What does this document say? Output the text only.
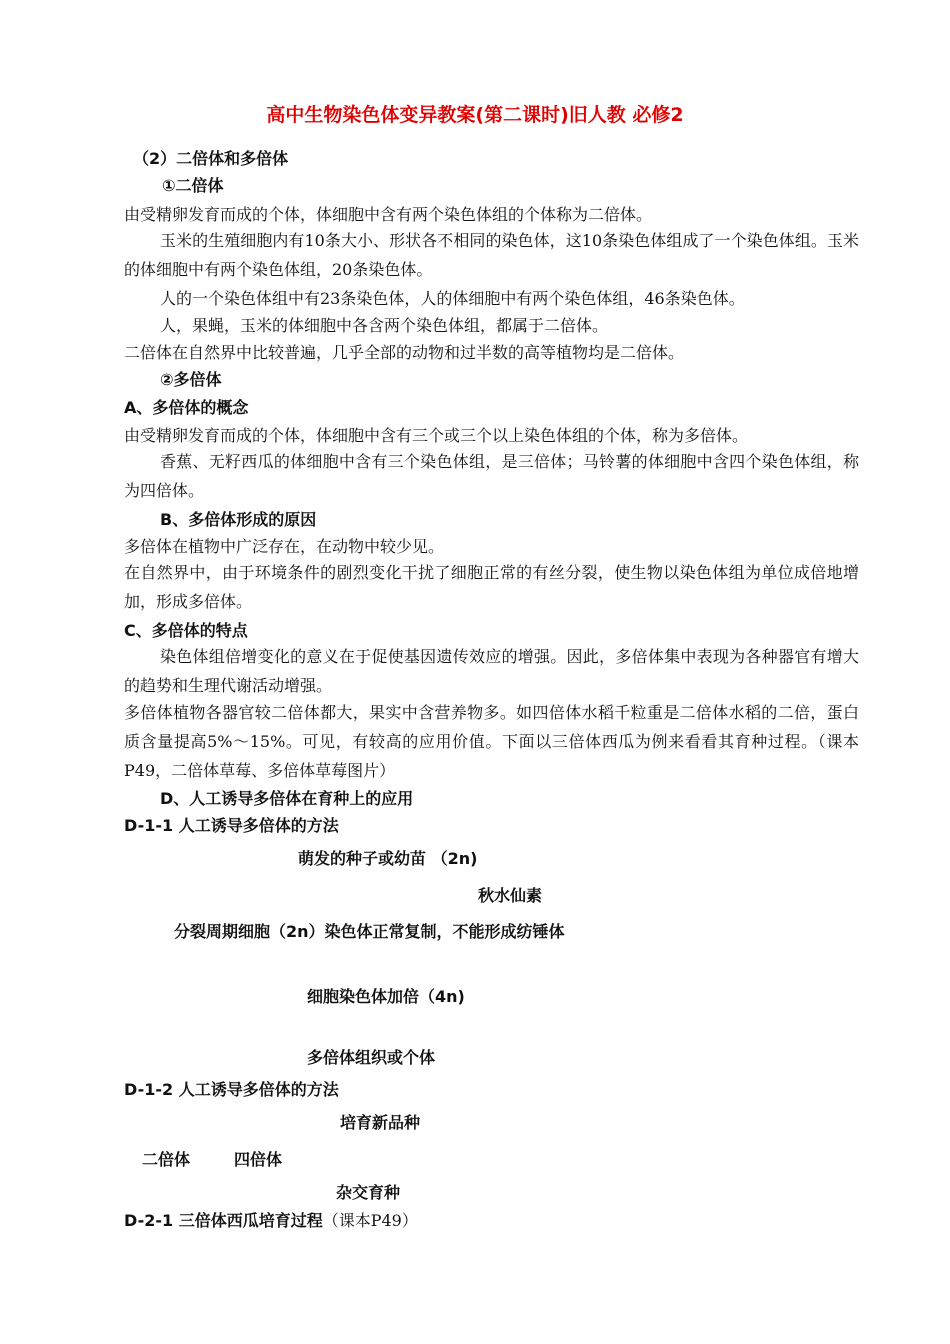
高中生物染色体变异教案(第二课时)旧人教 必修2
（2）二倍体和多倍体
①二倍体
由受精卵发育而成的个体，体细胞中含有两个染色体组的个体称为二倍体。
玉米的生殖细胞内有10条大小、形状各不相同的染色体，这10条染色体组成了一个染色体组。玉米的体细胞中有两个染色体组，20条染色体。
人的一个染色体组中有23条染色体，人的体细胞中有两个染色体组，46条染色体。
人，果蝇，玉米的体细胞中各含两个染色体组，都属于二倍体。
二倍体在自然界中比较普遍，几乎全部的动物和过半数的高等植物均是二倍体。
②多倍体
A、多倍体的概念
由受精卵发育而成的个体，体细胞中含有三个或三个以上染色体组的个体，称为多倍体。
香蕉、无籽西瓜的体细胞中含有三个染色体组，是三倍体；马铃薯的体细胞中含四个染色体组，称为四倍体。
B、多倍体形成的原因
多倍体在植物中广泛存在，在动物中较少见。
在自然界中，由于环境条件的剧烈变化干扰了细胞正常的有丝分裂，使生物以染色体组为单位成倍地增加，形成多倍体。
C、多倍体的特点
染色体组倍增变化的意义在于促使基因遗传效应的增强。因此，多倍体集中表现为各种器官有增大的趋势和生理代谢活动增强。
多倍体植物各器官较二倍体都大，果实中含营养物多。如四倍体水稻千粒重是二倍体水稻的二倍，蛋白质含量提高5%～15%。可见，有较高的应用价值。下面以三倍体西瓜为例来看看其育种过程。（课本P49，二倍体草莓、多倍体草莓图片）
D、人工诱导多倍体在育种上的应用
D-1-1 人工诱导多倍体的方法
萌发的种子或幼苗 （2n)
秋水仙素
分裂周期细胞（2n）染色体正常复制，不能形成纺锤体
细胞染色体加倍（4n)
多倍体组织或个体
D-1-2 人工诱导多倍体的方法
培育新品种
二倍体	四倍体
杂交育种
D-2-1 三倍体西瓜培育过程（课本P49）
